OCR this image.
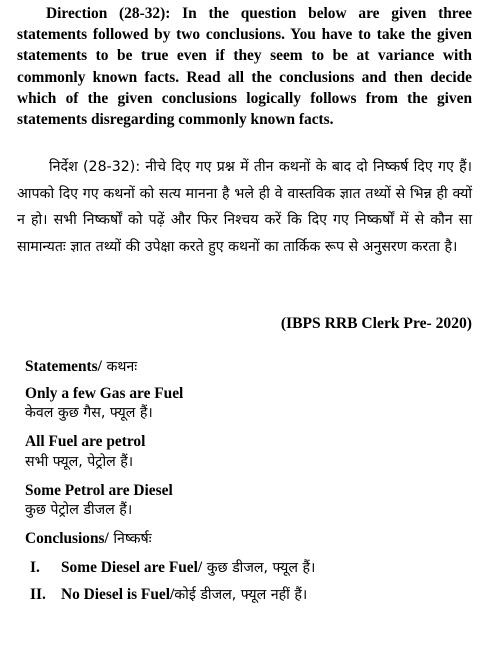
Direction (28-32): In the question below are given three statements followed by two conclusions. You have to take the given statements to be true even if they seem to be at variance with commonly known facts. Read all the conclusions and then decide which of the given conclusions logically follows from the given statements disregarding commonly known facts.

निर्देश (28-32): नीचे दिए गए प्रश्न में तीन कथनों के बाद दो निष्कर्ष दिए गए हैं। आपको दिए गए कथनों को सत्य मानना है भले ही वे वास्तविक ज्ञात तथ्यों से भिन्न ही क्यों न हो। सभी निष्कर्षों को पढ़ें और फिर निश्चय करें कि दिए गए निष्कर्षों में से कौन सा सामान्यतः ज्ञात तथ्यों की उपेक्षा करते हुए कथनों का तार्किक रूप से अनुसरण करता है।

(IBPS RRB Clerk Pre- 2020)

Statements/ कथनः

Only a few Gas are Fuel

केवल कुछ गैस, फ्यूल हैं।

All Fuel are petrol

सभी फ्यूल, पेट्रोल हैं।

Some Petrol are Diesel

कुछ पेट्रोल डीजल हैं।

Conclusions/ निष्कर्षः

I. Some Diesel are Fuel/ कुछ डीजल, फ्यूल हैं।

II. No Diesel is Fuel/कोई डीजल, फ्यूल नहीं हैं।
